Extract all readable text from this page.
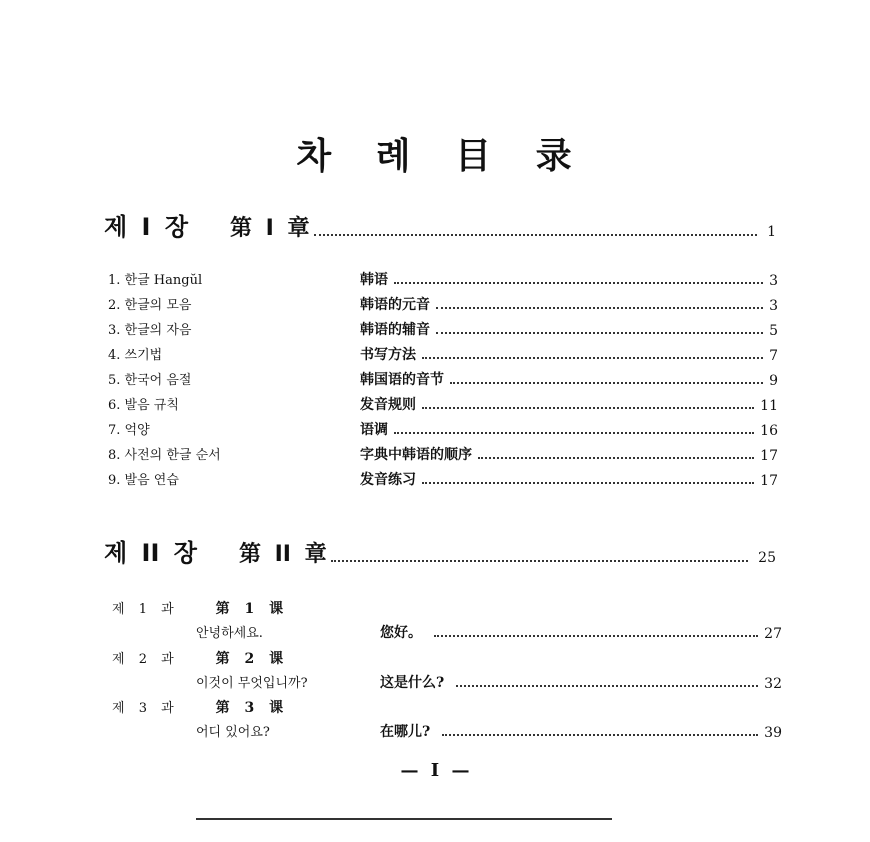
차 례 目 录
제 I 장 第 I 章	1
1. 한글 Hangŭl	韩语	3
2. 한글의 모음	韩语的元音	3
3. 한글의 자음	韩语的辅音	5
4. 쓰기법	书写方法	7
5. 한국어 음절	韩国语的音节	9
6. 발음 규칙	发音规则	11
7. 억양	语调	16
8. 사전의 한글 순서	字典中韩语的顺序	17
9. 발음 연습	发音练习	17
제 II 장 第 II 章	25
제 1 과	第 1 课
안녕하세요.	您好。	27
제 2 과	第 2 课
이것이 무엇입니까?	这是什么?	32
제 3 과	第 3 课
어디 있어요?	在哪儿?	39
— I —
